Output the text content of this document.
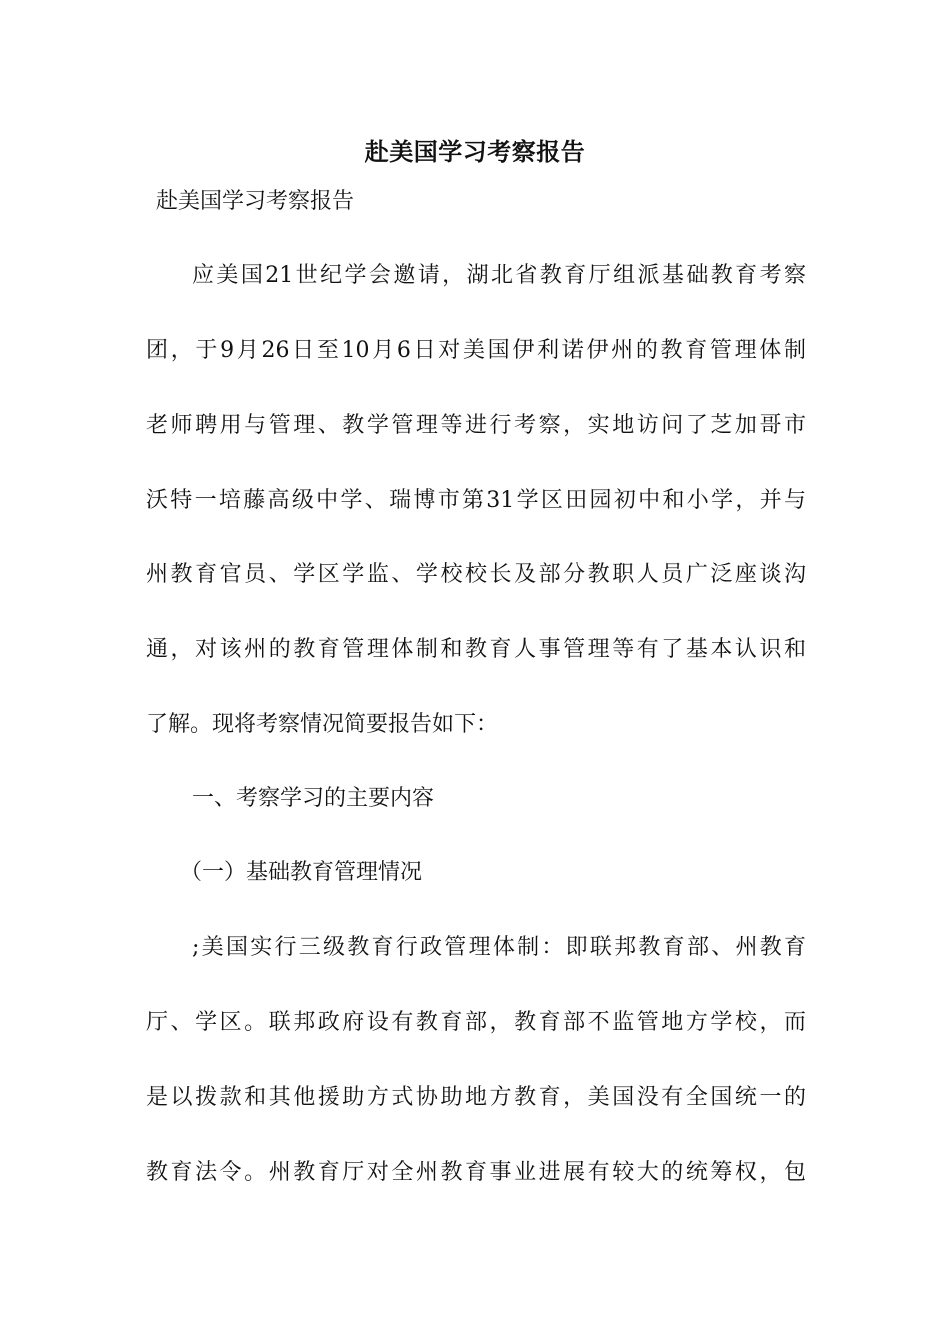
赴美国学习考察报告
赴美国学习考察报告
应美国21世纪学会邀请，湖北省教育厅组派基础教育考察
团，于9月26日至10月6日对美国伊利诺伊州的教育管理体制
老师聘用与管理、教学管理等进行考察，实地访问了芝加哥市
沃特一培藤高级中学、瑞博市第31学区田园初中和小学，并与
州教育官员、学区学监、学校校长及部分教职人员广泛座谈沟
通，对该州的教育管理体制和教育人事管理等有了基本认识和
了解。现将考察情况简要报告如下：
一、考察学习的主要内容
（一）基础教育管理情况
;美国实行三级教育行政管理体制：即联邦教育部、州教育
厅、学区。联邦政府设有教育部，教育部不监管地方学校，而
是以拨款和其他援助方式协助地方教育，美国没有全国统一的
教育法令。州教育厅对全州教育事业进展有较大的统筹权，包
